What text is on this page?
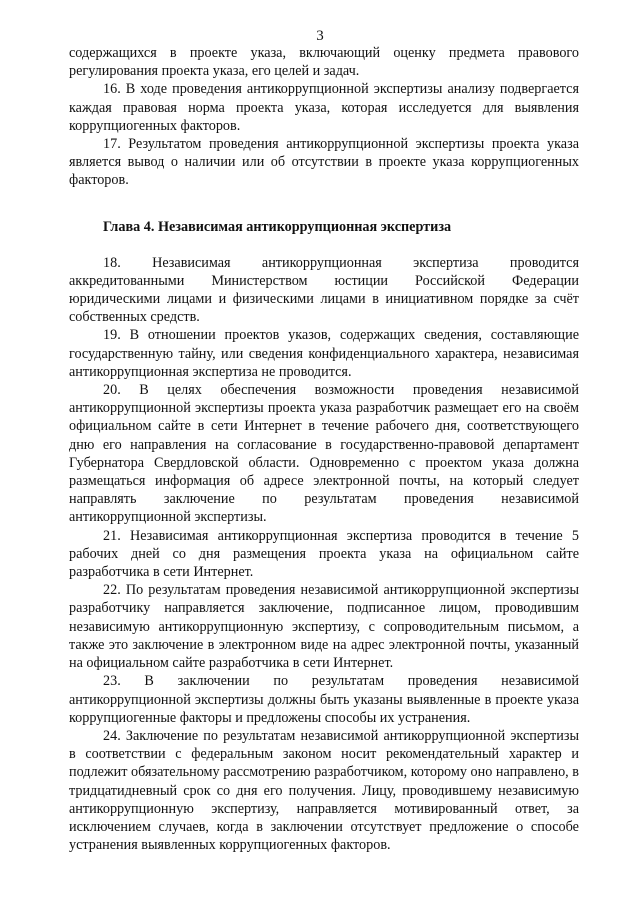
3

содержащихся в проекте указа, включающий оценку предмета правового регулирования проекта указа, его целей и задач.

16. В ходе проведения антикоррупционной экспертизы анализу подвергается каждая правовая норма проекта указа, которая исследуется для выявления коррупциогенных факторов.

17. Результатом проведения антикоррупционной экспертизы проекта указа является вывод о наличии или об отсутствии в проекте указа коррупциогенных факторов.

Глава 4. Независимая антикоррупционная экспертиза

18. Независимая антикоррупционная экспертиза проводится аккредитованными Министерством юстиции Российской Федерации юридическими лицами и физическими лицами в инициативном порядке за счёт собственных средств.

19. В отношении проектов указов, содержащих сведения, составляющие государственную тайну, или сведения конфиденциального характера, независимая антикоррупционная экспертиза не проводится.

20. В целях обеспечения возможности проведения независимой антикоррупционной экспертизы проекта указа разработчик размещает его на своём официальном сайте в сети Интернет в течение рабочего дня, соответствующего дню его направления на согласование в государственно-правовой департамент Губернатора Свердловской области. Одновременно с проектом указа должна размещаться информация об адресе электронной почты, на который следует направлять заключение по результатам проведения независимой антикоррупционной экспертизы.

21. Независимая антикоррупционная экспертиза проводится в течение 5 рабочих дней со дня размещения проекта указа на официальном сайте разработчика в сети Интернет.

22. По результатам проведения независимой антикоррупционной экспертизы разработчику направляется заключение, подписанное лицом, проводившим независимую антикоррупционную экспертизу, с сопроводительным письмом, а также это заключение в электронном виде на адрес электронной почты, указанный на официальном сайте разработчика в сети Интернет.

23. В заключении по результатам проведения независимой антикоррупционной экспертизы должны быть указаны выявленные в проекте указа коррупциогенные факторы и предложены способы их устранения.

24. Заключение по результатам независимой антикоррупционной экспертизы в соответствии с федеральным законом носит рекомендательный характер и подлежит обязательному рассмотрению разработчиком, которому оно направлено, в тридцатидневный срок со дня его получения. Лицу, проводившему независимую антикоррупционную экспертизу, направляется мотивированный ответ, за исключением случаев, когда в заключении отсутствует предложение о способе устранения выявленных коррупциогенных факторов.
